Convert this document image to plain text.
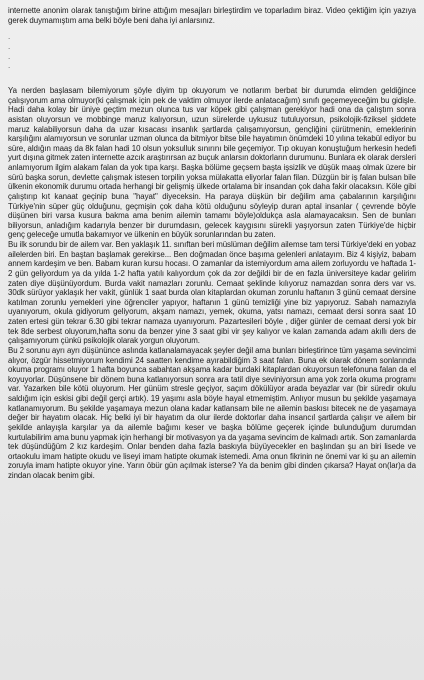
internette anonim olarak tanıştığım birine attığım mesajları birleştirdim ve toparladım biraz. Video çektiğim için yazıya gerek duymamıştım ama belki böyle beni daha iyi anlarsınız.

.
.
.
.

Ya nerden başlasam bilemiyorum şöyle diyim tıp okuyorum ve notlarım berbat bir durumda elimden geldiğince çalışıyorum ama olmuyor(ki çalışmak için pek de vaktim olmuyor ilerde anlatacağım) sınıfı geçemeyeceğim bu gidişle. Hadi daha kolay bir üniye geçtim mezun olunca tus var köpek gibi çalışman gerekiyor hadi ona da çalıştım sonra asistan oluyorsun ve mobbinge maruz kalıyorsun, uzun sürelerde uykusuz tutuluyorsun, psikolojik-fiziksel şiddete maruz kalabiliyorsun daha da uzar kısacası insanlık şartlarda çalışamıyorsun, gençliğini çürütmenin, emeklerinin karşılığını alamıyorsun ve sorunlar uzman olunca da bitmiyor bitse bile hayatımın önümdeki 10 yılına tekabül ediyor bu süre, aldığın maaş da 8k falan hadi 10 olsun yoksulluk sınırını bile geçemiyor. Tıp okuyan konuştuğum herkesin hedefi yurt dışına gitmek zaten internette azcık araştırırsan az buçuk anlarsın doktorların durumunu. Bunlara ek olarak dersleri anlamıyorum ilgim alakam falan da yok tıpa karşı. Başka bölüme geçsem başta işsizlik ve düşük maaş olmak üzere bir sürü başka sorun, devlette çalışmak istesen torpilin yoksa mülakatta eliyorlar falan filan. Düzgün bir iş falan bulsan bile ülkenin ekonomik durumu ortada herhangi bir gelişmiş ülkede ortalama bir insandan çok daha fakir olacaksın. Köle gibi çalıştırıp kıt kanaat geçinip buna "hayat" diyeceksin. Ha paraya düşkün bir değilim ama çabalarının karşılığını Türkiye'nin süper güç olduğunu, geçmişin çok daha kötü olduğunu söyleyip duran aptal insanlar ( çevrende böyle düşünen biri varsa kusura bakma ama benim ailemin tamamı böyle)oldukça asla alamayacaksın. Sen de bunları biliyorsun, anladığım kadarıyla benzer bir durumdasın, gelecek kaygısını sürekli yaşıyorsun zaten Türkiye'de hiçbir genç geleceğe umutla bakamıyor ve ülkenin en büyük sorunlarından bu zaten.

Bu ilk sorundu bir de ailem var. Ben yaklaşık 11. sınıftan beri müslüman değilim ailemse tam tersi Türkiye'deki en yobaz ailelerden biri. En baştan başlamak gerekirse... Ben doğmadan önce başıma gelenleri anlatayım. Biz 4 kişiyiz, babam annem kardeşim ve ben. Babam kuran kursu hocası. O zamanlar da istemiyordum ama ailem zorluyordu ve haftada 1-2 gün geliyordum ya da yılda 1-2 hafta yatılı kalıyordum çok da zor değildi bir de en fazla üniversiteye kadar gelirim zaten diye düşünüyordum. Burda vakit namazları zorunlu. Cemaat şeklinde kılıyoruz namazdan sonra ders var vs. 30dk sürüyor yaklaşık her vakit, günlük 1 saat burda olan kitaplardan okuman zorunlu haftanın 3 günü cemaat dersine katılman zorunlu yemekleri yine öğrenciler yapıyor, haftanın 1 günü temizliği yine biz yapıyoruz. Sabah namazıyla uyanıyorum, okula gidiyorum geliyorum, akşam namazı, yemek, okuma, yatsı namazı, cemaat dersi sonra saat 10 zaten ertesi gün tekrar 6.30 gibi tekrar namaza uyanıyorum. Pazartesileri böyle , diğer günler de cemaat dersi yok bir tek 8de serbest oluyorum,hafta sonu da benzer yine 3 saat gibi vir şey kalıyor ve kalan zamanda adam akıllı ders de çalışamıyorum çünkü psikolojik olarak yorgun oluyorum.

Bu 2 sorunu ayrı ayrı düşününce aslında katlanalamayacak şeyler değil ama bunları birleştirince tüm yaşama sevincimi alıyor, özgür hissetmiyorum kendimi 24 saatten kendime ayırabildiğim 3 saat falan. Buna ek olarak dönem sonlarında okuma programı oluyor 1 hafta boyunca sabahtan akşama kadar burdaki kitaplardan okuyorsun telefonuna falan da el koyuyorlar. Düşünsene bir dönem buna katlanıyorsun sonra ara tatil diye seviniyorsun ama yok zorla okuma programı var. Yazarken bile kötü oluyorum. Her günüm stresle geçiyor, saçım dökülüyor arada beyazlar var (bir süredir okulu saldığım için eskisi gibi değil gerçi artık). 19 yaşımı asla böyle hayal etmemiştim. Anlıyor musun bu şekilde yaşamaya katlanamıyorum. Bu şekilde yaşamaya mezun olana kadar katlansam bile ne ailemin baskısı bitecek ne de yaşamaya değer bir hayatım olacak. Hiç belki iyi bir hayatım da olur ilerde doktorlar daha insancıl şartlarda çalışır ve ailem bir şekilde anlayışla karşılar ya da ailemle bağımı keser ve başka bölüme geçerek içinde bulunduğum durumdan kurtulabilirim ama bunu yapmak için herhangi bir motivasyon ya da yaşama sevincim de kalmadı artık. Son zamanlarda tek düşündüğüm 2 kız kardeşim. Onlar benden daha fazla baskıyla büyüyecekler en başlından şu an biri lisede ve ortaokulu imam hatipte okudu ve liseyi imam hatipte okumak istemedi. Ama onun fikrinin ne önemi var ki şu an ailemin zoruyla imam hatipte okuyor yine. Yarın öbür gün açılmak isterse? Ya da benim gibi dinden çıkarsa? Hayat on(lar)a da zindan olacak benim gibi.
